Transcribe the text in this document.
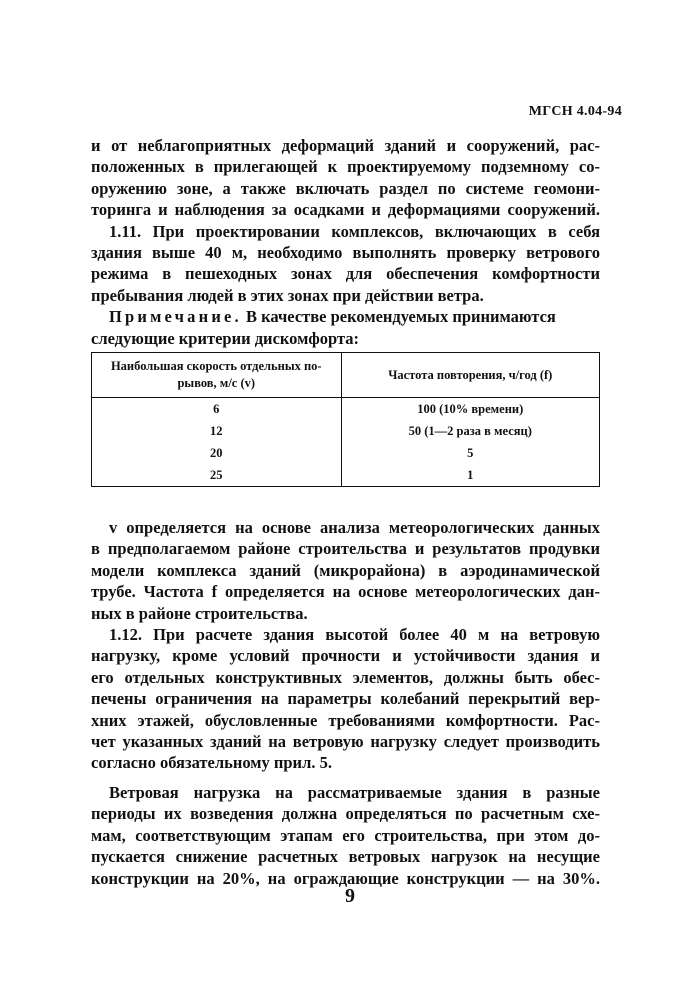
МГСН 4.04-94
и от неблагоприятных деформаций зданий и сооружений, рас-
положенных в прилегающей к проектируемому подземному со-
оружению зоне, а также включать раздел по системе геомони-
торинга и наблюдения за осадками и деформациями сооружений.
1.11. При проектировании комплексов, включающих в себя
здания выше 40 м, необходимо выполнять проверку ветрового
режима в пешеходных зонах для обеспечения комфортности
пребывания людей в этих зонах при действии ветра.
Примечание. В качестве рекомендуемых принимаются
следующие критерии дискомфорта:
Наибольшая скорость отдельных по-рывов, м/с (v)	Частота повторения, ч/год (f)
6	100 (10% времени)
12	50 (1—2 раза в месяц)
20	5
25	1
v определяется на основе анализа метеорологических данных
в предполагаемом районе строительства и результатов продувки
модели комплекса зданий (микрорайона) в аэродинамической
трубе. Частота f определяется на основе метеорологических дан-
ных в районе строительства.
1.12. При расчете здания высотой более 40 м на ветровую
нагрузку, кроме условий прочности и устойчивости здания и
его отдельных конструктивных элементов, должны быть обес-
печены ограничения на параметры колебаний перекрытий вер-
хних этажей, обусловленные требованиями комфортности. Рас-
чет указанных зданий на ветровую нагрузку следует производить
согласно обязательному прил. 5.
Ветровая нагрузка на рассматриваемые здания в разные
периоды их возведения должна определяться по расчетным схе-
мам, соответствующим этапам его строительства, при этом до-
пускается снижение расчетных ветровых нагрузок на несущие
конструкции на 20%, на ограждающие конструкции — на 30%.
9
